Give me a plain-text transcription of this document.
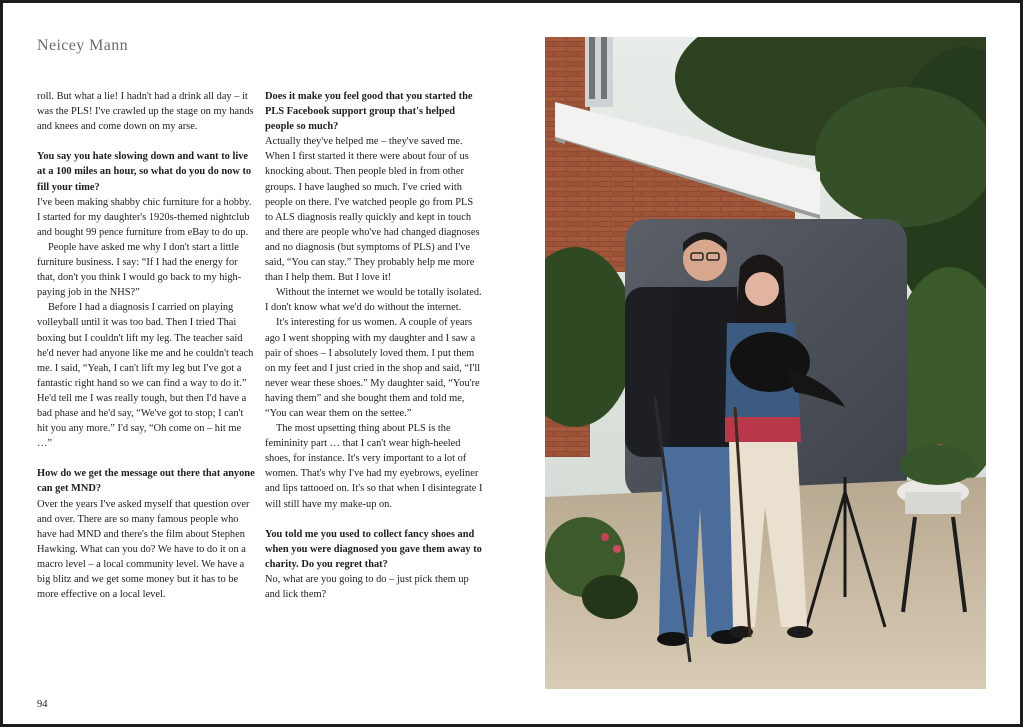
Neicey Mann

roll. But what a lie! I hadn't had a drink all day – it was the PLS! I've crawled up the stage on my hands and knees and come down on my arse.

You say you hate slowing down and want to live at a 100 miles an hour, so what do you do now to fill your time?

I've been making shabby chic furniture for a hobby. I started for my daughter's 1920s-themed nightclub and bought 99 pence furniture from eBay to do up.

People have asked me why I don't start a little furniture business. I say: “If I had the energy for that, don't you think I would go back to my high-paying job in the NHS?”

Before I had a diagnosis I carried on playing volleyball until it was too bad. Then I tried Thai boxing but I couldn't lift my leg. The teacher said he'd never had anyone like me and he couldn't teach me. I said, “Yeah, I can't lift my leg but I've got a fantastic right hand so we can find a way to do it.” He'd tell me I was really tough, but then I'd have a bad phase and he'd say, “We've got to stop; I can't hit you any more.” I'd say, “Oh come on – hit me …”

How do we get the message out there that anyone can get MND?

Over the years I've asked myself that question over and over. There are so many famous people who have had MND and there's the film about Stephen Hawking. What can you do? We have to do it on a macro level – a local community level. We have a big blitz and we get some money but it has to be more effective on a local level.

Does it make you feel good that you started the PLS Facebook support group that's helped people so much?

Actually they've helped me – they've saved me. When I first started it there were about four of us knocking about. Then people bled in from other groups. I have laughed so much. I've cried with people on there. I've watched people go from PLS to ALS diagnosis really quickly and kept in touch and there are people who've had changed diagnoses and no diagnosis (but symptoms of PLS) and I've said, “You can stay.” They probably help me more than I help them. But I love it!

Without the internet we would be totally isolated. I don't know what we'd do without the internet.

It's interesting for us women. A couple of years ago I went shopping with my daughter and I saw a pair of shoes – I absolutely loved them. I put them on my feet and I just cried in the shop and said, “I'll never wear these shoes.” My daughter said, “You're having them” and she bought them and told me, “You can wear them on the settee.”

The most upsetting thing about PLS is the femininity part … that I can't wear high-heeled shoes, for instance. It's very important to a lot of women. That's why I've had my eyebrows, eyeliner and lips tattooed on. It's so that when I disintegrate I will still have my make-up on.

You told me you used to collect fancy shoes and when you were diagnosed you gave them away to charity. Do you regret that?

No, what are you going to do – just pick them up and lick them?

94
